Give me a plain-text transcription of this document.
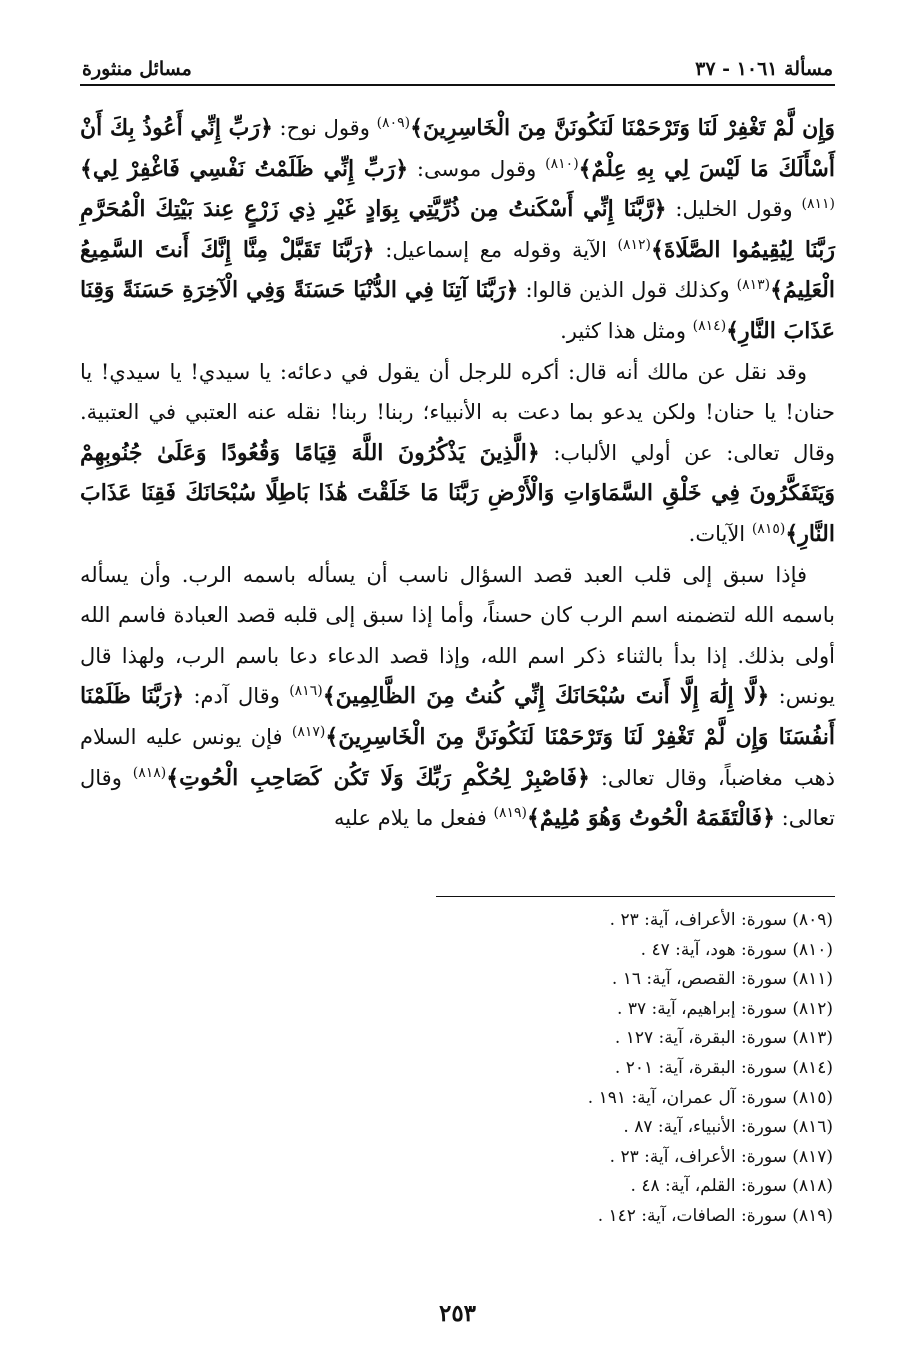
مسألة ١٠٦١ - ٣٧
مسائل منثورة

وَإِن لَّمْ تَغْفِرْ لَنَا وَتَرْحَمْنَا لَنَكُونَنَّ مِنَ الْخَاسِرِينَ﴾$^{(٨٠٩)}$ وقول نوح: ﴿رَبِّ إِنِّي أَعُوذُ بِكَ أَنْ أَسْأَلَكَ مَا لَيْسَ لِي بِهِ عِلْمٌ﴾$^{(٨١٠)}$ وقول موسى: ﴿رَبِّ إِنِّي ظَلَمْتُ نَفْسِي فَاغْفِرْ لِي﴾$^{(٨١١)}$ وقول الخليل: ﴿رَّبَّنَا إِنِّي أَسْكَنتُ مِن ذُرِّيَّتِي بِوَادٍ غَيْرِ ذِي زَرْعٍ عِندَ بَيْتِكَ الْمُحَرَّمِ رَبَّنَا لِيُقِيمُوا الصَّلَاةَ﴾$^{(٨١٢)}$ الآية وقوله مع إسماعيل: ﴿رَبَّنَا تَقَبَّلْ مِنَّا إِنَّكَ أَنتَ السَّمِيعُ الْعَلِيمُ﴾$^{(٨١٣)}$ وكذلك قول الذين قالوا: ﴿رَبَّنَا آتِنَا فِي الدُّنْيَا حَسَنَةً وَفِي الْآخِرَةِ حَسَنَةً وَقِنَا عَذَابَ النَّارِ﴾$^{(٨١٤)}$ ومثل هذا كثير.

وقد نقل عن مالك أنه قال: أكره للرجل أن يقول في دعائه: يا سيدي! يا سيدي! يا حنان! يا حنان! ولكن يدعو بما دعت به الأنبياء؛ ربنا! ربنا! نقله عنه العتبي في العتبية. وقال تعالى: عن أولي الألباب: ﴿الَّذِينَ يَذْكُرُونَ اللَّهَ قِيَامًا وَقُعُودًا وَعَلَىٰ جُنُوبِهِمْ وَيَتَفَكَّرُونَ فِي خَلْقِ السَّمَاوَاتِ وَالْأَرْضِ رَبَّنَا مَا خَلَقْتَ هَٰذَا بَاطِلًا سُبْحَانَكَ فَقِنَا عَذَابَ النَّارِ﴾$^{(٨١٥)}$ الآيات.

فإذا سبق إلى قلب العبد قصد السؤال ناسب أن يسأله باسمه الرب. وأن يسأله باسمه الله لتضمنه اسم الرب كان حسناً، وأما إذا سبق إلى قلبه قصد العبادة فاسم الله أولى بذلك. إذا بدأ بالثناء ذكر اسم الله، وإذا قصد الدعاء دعا باسم الرب، ولهذا قال يونس: ﴿لَّا إِلَٰهَ إِلَّا أَنتَ سُبْحَانَكَ إِنِّي كُنتُ مِنَ الظَّالِمِينَ﴾$^{(٨١٦)}$ وقال آدم: ﴿رَبَّنَا ظَلَمْنَا أَنفُسَنَا وَإِن لَّمْ تَغْفِرْ لَنَا وَتَرْحَمْنَا لَنَكُونَنَّ مِنَ الْخَاسِرِينَ﴾$^{(٨١٧)}$ فإن يونس عليه السلام ذهب مغاضباً، وقال تعالى: ﴿فَاصْبِرْ لِحُكْمِ رَبِّكَ وَلَا تَكُن كَصَاحِبِ الْحُوتِ﴾$^{(٨١٨)}$ وقال تعالى: ﴿فَالْتَقَمَهُ الْحُوتُ وَهُوَ مُلِيمٌ﴾$^{(٨١٩)}$ ففعل ما يلام عليه

(٨٠٩) سورة: الأعراف، آية: ٢٣ .
(٨١٠) سورة: هود، آية: ٤٧ .
(٨١١) سورة: القصص، آية: ١٦ .
(٨١٢) سورة: إبراهيم، آية: ٣٧ .
(٨١٣) سورة: البقرة، آية: ١٢٧ .
(٨١٤) سورة: البقرة، آية: ٢٠١ .
(٨١٥) سورة: آل عمران، آية: ١٩١ .
(٨١٦) سورة: الأنبياء، آية: ٨٧ .
(٨١٧) سورة: الأعراف، آية: ٢٣ .
(٨١٨) سورة: القلم، آية: ٤٨ .
(٨١٩) سورة: الصافات، آية: ١٤٢ .
٢٥٣
